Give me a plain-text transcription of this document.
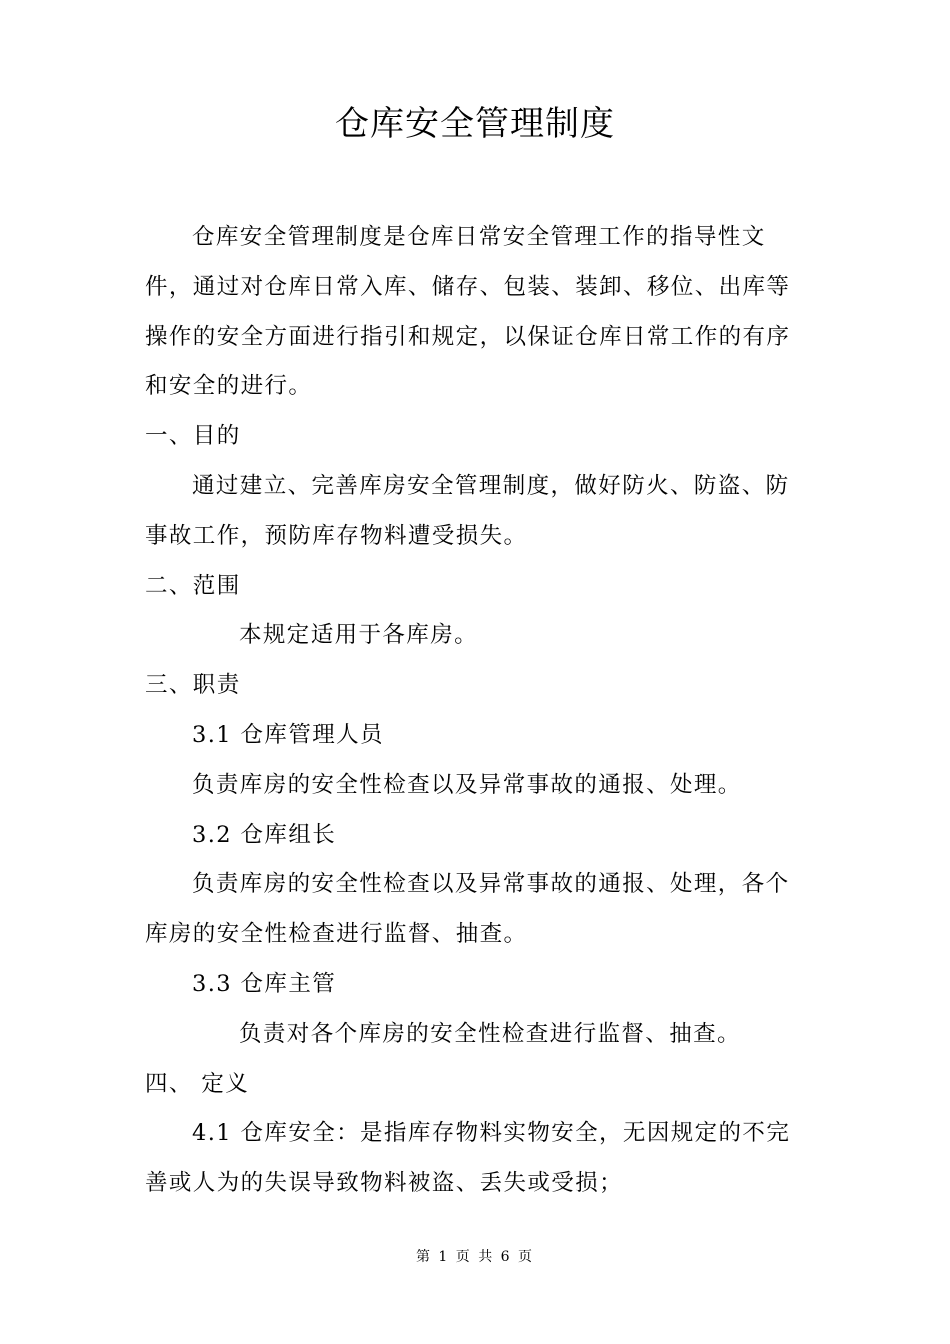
仓库安全管理制度

仓库安全管理制度是仓库日常安全管理工作的指导性文件，通过对仓库日常入库、储存、包装、装卸、移位、出库等操作的安全方面进行指引和规定，以保证仓库日常工作的有序和安全的进行。

一、目的

通过建立、完善库房安全管理制度，做好防火、防盗、防事故工作，预防库存物料遭受损失。

二、范围

本规定适用于各库房。

三、职责

3.1 仓库管理人员

负责库房的安全性检查以及异常事故的通报、处理。

3.2 仓库组长

负责库房的安全性检查以及异常事故的通报、处理，各个库房的安全性检查进行监督、抽查。

3.3 仓库主管

负责对各个库房的安全性检查进行监督、抽查。

四、 定义

4.1 仓库安全：是指库存物料实物安全，无因规定的不完善或人为的失误导致物料被盗、丢失或受损；

第 1 页 共 6 页
